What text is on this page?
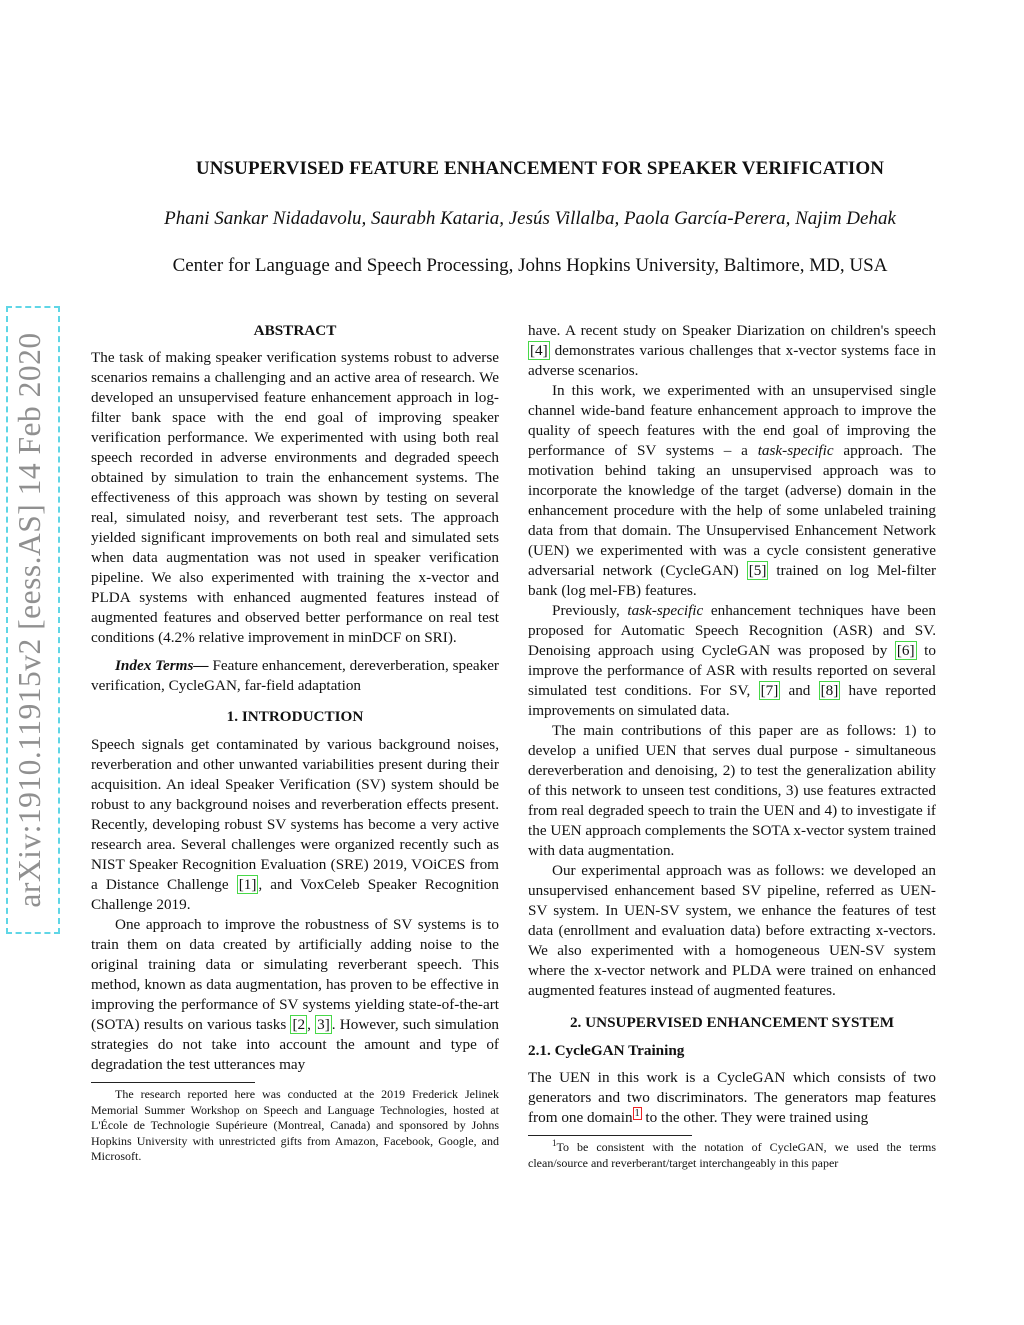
arXiv:1910.11915v2 [eess.AS] 14 Feb 2020
UNSUPERVISED FEATURE ENHANCEMENT FOR SPEAKER VERIFICATION
Phani Sankar Nidadavolu, Saurabh Kataria, Jesús Villalba, Paola García-Perera, Najim Dehak
Center for Language and Speech Processing, Johns Hopkins University, Baltimore, MD, USA
ABSTRACT

The task of making speaker verification systems robust to adverse scenarios remains a challenging and an active area of research. We developed an unsupervised feature enhancement approach in log-filter bank space with the end goal of improving speaker verification performance. We experimented with using both real speech recorded in adverse environments and degraded speech obtained by simulation to train the enhancement systems. The effectiveness of this approach was shown by testing on several real, simulated noisy, and reverberant test sets. The approach yielded significant improvements on both real and simulated sets when data augmentation was not used in speaker verification pipeline. We also experimented with training the x-vector and PLDA systems with enhanced augmented features instead of augmented features and observed better performance on real test conditions (4.2% relative improvement in minDCF on SRI).

Index Terms— Feature enhancement, dereverberation, speaker verification, CycleGAN, far-field adaptation

1. INTRODUCTION

Speech signals get contaminated by various background noises, reverberation and other unwanted variabilities present during their acquisition. An ideal Speaker Verification (SV) system should be robust to any background noises and reverberation effects present. Recently, developing robust SV systems has become a very active research area. Several challenges were organized recently such as NIST Speaker Recognition Evaluation (SRE) 2019, VOiCES from a Distance Challenge [1] , and VoxCeleb Speaker Recognition Challenge 2019.

One approach to improve the robustness of SV systems is to train them on data created by artificially adding noise to the original training data or simulating reverberant speech. This method, known as data augmentation, has proven to be effective in improving the performance of SV systems yielding state-of-the-art (SOTA) results on various tasks [2 , 3] . However, such simulation strategies do not take into account the amount and type of degradation the test utterances may

The research reported here was conducted at the 2019 Frederick Jelinek Memorial Summer Workshop on Speech and Language Technologies, hosted at L'École de Technologie Supérieure (Montreal, Canada) and sponsored by Johns Hopkins University with unrestricted gifts from Amazon, Facebook, Google, and Microsoft.

have. A recent study on Speaker Diarization on children's speech [4] demonstrates various challenges that x-vector systems face in adverse scenarios.

In this work, we experimented with an unsupervised single channel wide-band feature enhancement approach to improve the quality of speech features with the end goal of improving the performance of SV systems – a task-specific approach. The motivation behind taking an unsupervised approach was to incorporate the knowledge of the target (adverse) domain in the enhancement procedure with the help of some unlabeled training data from that domain. The Unsupervised Enhancement Network (UEN) we experimented with was a cycle consistent generative adversarial network (CycleGAN) [5] trained on log Mel-filter bank (log mel-FB) features.

Previously, task-specific enhancement techniques have been proposed for Automatic Speech Recognition (ASR) and SV. Denoising approach using CycleGAN was proposed by [6] to improve the performance of ASR with results reported on several simulated test conditions. For SV, [7] and [8] have reported improvements on simulated data.

The main contributions of this paper are as follows: 1) to develop a unified UEN that serves dual purpose - simultaneous dereverberation and denoising, 2) to test the generalization ability of this network to unseen test conditions, 3) use features extracted from real degraded speech to train the UEN and 4) to investigate if the UEN approach complements the SOTA x-vector system trained with data augmentation.

Our experimental approach was as follows: we developed an unsupervised enhancement based SV pipeline, referred as UEN-SV system. In UEN-SV system, we enhance the features of test data (enrollment and evaluation data) before extracting x-vectors. We also experimented with a homogeneous UEN-SV system where the x-vector network and PLDA were trained on enhanced augmented features instead of augmented features.

2. UNSUPERVISED ENHANCEMENT SYSTEM
2.1. CycleGAN Training

The UEN in this work is a CycleGAN which consists of two generators and two discriminators. The generators map features from one domain $^1$ to the other. They were trained using

$^1$To be consistent with the notation of CycleGAN, we used the terms clean/source and reverberant/target interchangeably in this paper
